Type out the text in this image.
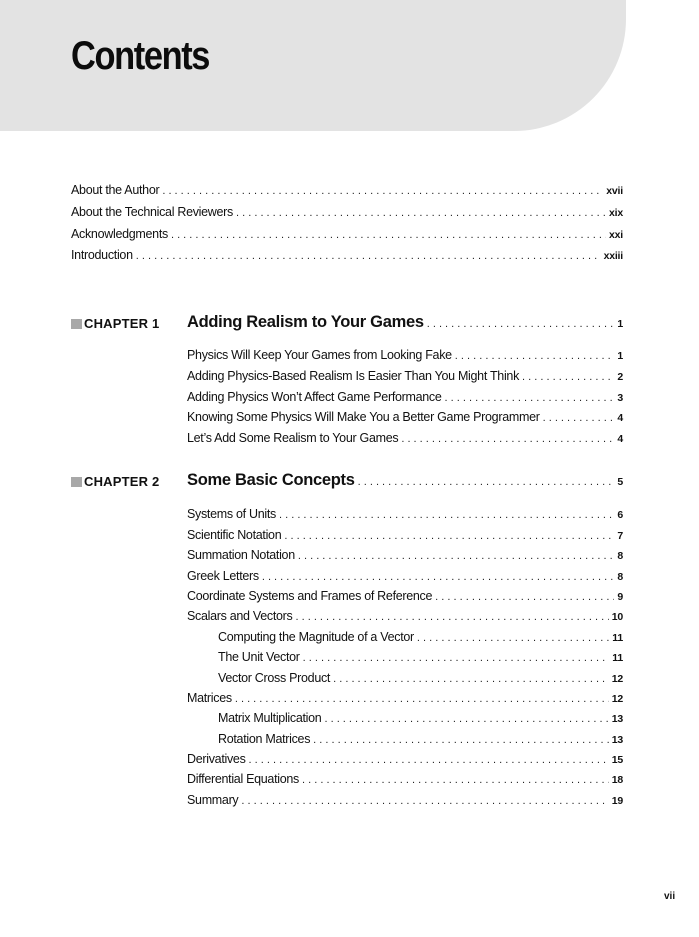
Contents
About the Author . . .	xvii
About the Technical Reviewers . . .	xix
Acknowledgments . . .	xxi
Introduction . . .	xxiii
CHAPTER 1 Adding Realism to Your Games . . .	1
Physics Will Keep Your Games from Looking Fake . . .	1
Adding Physics-Based Realism Is Easier Than You Might Think . . .	2
Adding Physics Won’t Affect Game Performance . . .	3
Knowing Some Physics Will Make You a Better Game Programmer . . .	4
Let’s Add Some Realism to Your Games . . .	4
CHAPTER 2 Some Basic Concepts . . .	5
Systems of Units . . .	6
Scientific Notation . . .	7
Summation Notation . . .	8
Greek Letters . . .	8
Coordinate Systems and Frames of Reference . . .	9
Scalars and Vectors . . .	10
Computing the Magnitude of a Vector . . .	11
The Unit Vector . . .	11
Vector Cross Product . . .	12
Matrices . . .	12
Matrix Multiplication . . .	13
Rotation Matrices . . .	13
Derivatives . . .	15
Differential Equations . . .	18
Summary . . .	19
vii
